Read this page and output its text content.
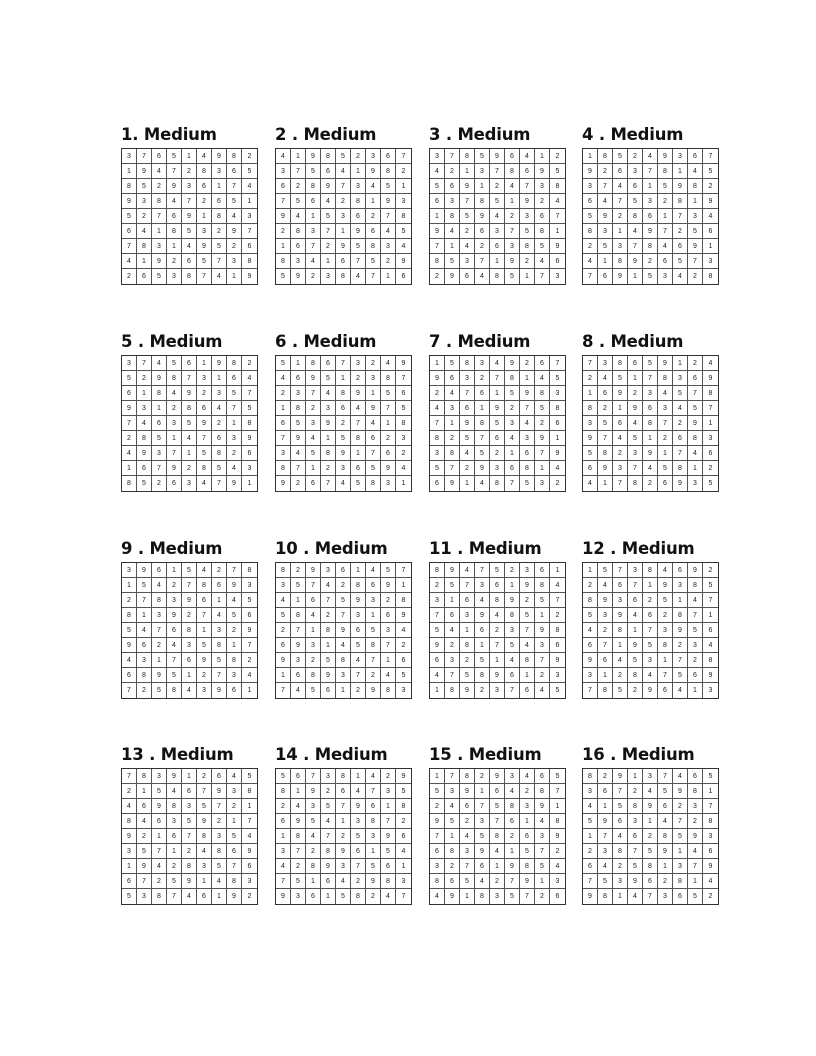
1. Medium
3	7	6	5	1	4	9	8	2
1	9	4	7	2	8	3	6	5
8	5	2	9	3	6	1	7	4
9	3	8	4	7	2	6	5	1
5	2	7	6	9	1	8	4	3
6	4	1	8	5	3	2	9	7
7	8	3	1	4	9	5	2	6
4	1	9	2	6	5	7	3	8
2	6	5	3	8	7	4	1	9
2 . Medium
4	1	9	8	5	2	3	6	7
3	7	5	6	4	1	9	8	2
6	2	8	9	7	3	4	5	1
7	5	6	4	2	8	1	9	3
9	4	1	5	3	6	2	7	8
2	8	3	7	1	9	6	4	5
1	6	7	2	9	5	8	3	4
8	3	4	1	6	7	5	2	9
5	9	2	3	8	4	7	1	6
3 . Medium
3	7	8	5	9	6	4	1	2
4	2	1	3	7	8	6	9	5
5	6	9	1	2	4	7	3	8
6	3	7	8	5	1	9	2	4
1	8	5	9	4	2	3	6	7
9	4	2	6	3	7	5	8	1
7	1	4	2	6	3	8	5	9
8	5	3	7	1	9	2	4	6
2	9	6	4	8	5	1	7	3
4 . Medium
1	8	5	2	4	9	3	6	7
9	2	6	3	7	8	1	4	5
3	7	4	6	1	5	9	8	2
6	4	7	5	3	2	8	1	9
5	9	2	8	6	1	7	3	4
8	3	1	4	9	7	2	5	6
2	5	3	7	8	4	6	9	1
4	1	8	9	2	6	5	7	3
7	6	9	1	5	3	4	2	8
5 . Medium
3	7	4	5	6	1	9	8	2
5	2	9	8	7	3	1	6	4
6	1	8	4	9	2	3	5	7
9	3	1	2	8	6	4	7	5
7	4	6	3	5	9	2	1	8
2	8	5	1	4	7	6	3	9
4	9	3	7	1	5	8	2	6
1	6	7	9	2	8	5	4	3
8	5	2	6	3	4	7	9	1
6 . Medium
5	1	8	6	7	3	2	4	9
4	6	9	5	1	2	3	8	7
2	3	7	4	8	9	1	5	6
1	8	2	3	6	4	9	7	5
6	5	3	9	2	7	4	1	8
7	9	4	1	5	8	6	2	3
3	4	5	8	9	1	7	6	2
8	7	1	2	3	6	5	9	4
9	2	6	7	4	5	8	3	1
7 . Medium
1	5	8	3	4	9	2	6	7
9	6	3	2	7	8	1	4	5
2	4	7	6	1	5	9	8	3
4	3	6	1	9	2	7	5	8
7	1	9	8	5	3	4	2	6
8	2	5	7	6	4	3	9	1
3	8	4	5	2	1	6	7	9
5	7	2	9	3	6	8	1	4
6	9	1	4	8	7	5	3	2
8 . Medium
7	3	8	6	5	9	1	2	4
2	4	5	1	7	8	3	6	9
1	6	9	2	3	4	5	7	8
8	2	1	9	6	3	4	5	7
3	5	6	4	8	7	2	9	1
9	7	4	5	1	2	6	8	3
5	8	2	3	9	1	7	4	6
6	9	3	7	4	5	8	1	2
4	1	7	8	2	6	9	3	5
9 . Medium
3	9	6	1	5	4	2	7	8
1	5	4	2	7	8	6	9	3
2	7	8	3	9	6	1	4	5
8	1	3	9	2	7	4	5	6
5	4	7	6	8	1	3	2	9
9	6	2	4	3	5	8	1	7
4	3	1	7	6	9	5	8	2
6	8	9	5	1	2	7	3	4
7	2	5	8	4	3	9	6	1
10 . Medium
8	2	9	3	6	1	4	5	7
3	5	7	4	2	8	6	9	1
4	1	6	7	5	9	3	2	8
5	8	4	2	7	3	1	6	9
2	7	1	8	9	6	5	3	4
6	9	3	1	4	5	8	7	2
9	3	2	5	8	4	7	1	6
1	6	8	9	3	7	2	4	5
7	4	5	6	1	2	9	8	3
11 . Medium
8	9	4	7	5	2	3	6	1
2	5	7	3	6	1	9	8	4
3	1	6	4	8	9	2	5	7
7	6	3	9	4	8	5	1	2
5	4	1	6	2	3	7	9	8
9	2	8	1	7	5	4	3	6
6	3	2	5	1	4	8	7	9
4	7	5	8	9	6	1	2	3
1	8	9	2	3	7	6	4	5
12 . Medium
1	5	7	3	8	4	6	9	2
2	4	6	7	1	9	3	8	5
8	9	3	6	2	5	1	4	7
5	3	9	4	6	2	8	7	1
4	2	8	1	7	3	9	5	6
6	7	1	9	5	8	2	3	4
9	6	4	5	3	1	7	2	8
3	1	2	8	4	7	5	6	9
7	8	5	2	9	6	4	1	3
13 . Medium
7	8	3	9	1	2	6	4	5
2	1	5	4	6	7	9	3	8
4	6	9	8	3	5	7	2	1
8	4	6	3	5	9	2	1	7
9	2	1	6	7	8	3	5	4
3	5	7	1	2	4	8	6	9
1	9	4	2	8	3	5	7	6
6	7	2	5	9	1	4	8	3
5	3	8	7	4	6	1	9	2
14 . Medium
5	6	7	3	8	1	4	2	9
8	1	9	2	6	4	7	3	5
2	4	3	5	7	9	6	1	8
6	9	5	4	1	3	8	7	2
1	8	4	7	2	5	3	9	6
3	7	2	8	9	6	1	5	4
4	2	8	9	3	7	5	6	1
7	5	1	6	4	2	9	8	3
9	3	6	1	5	8	2	4	7
15 . Medium
1	7	8	2	9	3	4	6	5
5	3	9	1	6	4	2	8	7
2	4	6	7	5	8	3	9	1
9	5	2	3	7	6	1	4	8
7	1	4	5	8	2	6	3	9
6	8	3	9	4	1	5	7	2
3	2	7	6	1	9	8	5	4
8	6	5	4	2	7	9	1	3
4	9	1	8	3	5	7	2	6
16 . Medium
8	2	9	1	3	7	4	6	5
3	6	7	2	4	5	9	8	1
4	1	5	8	9	6	2	3	7
5	9	6	3	1	4	7	2	8
1	7	4	6	2	8	5	9	3
2	3	8	7	5	9	1	4	6
6	4	2	5	8	1	3	7	9
7	5	3	9	6	2	8	1	4
9	8	1	4	7	3	6	5	2
